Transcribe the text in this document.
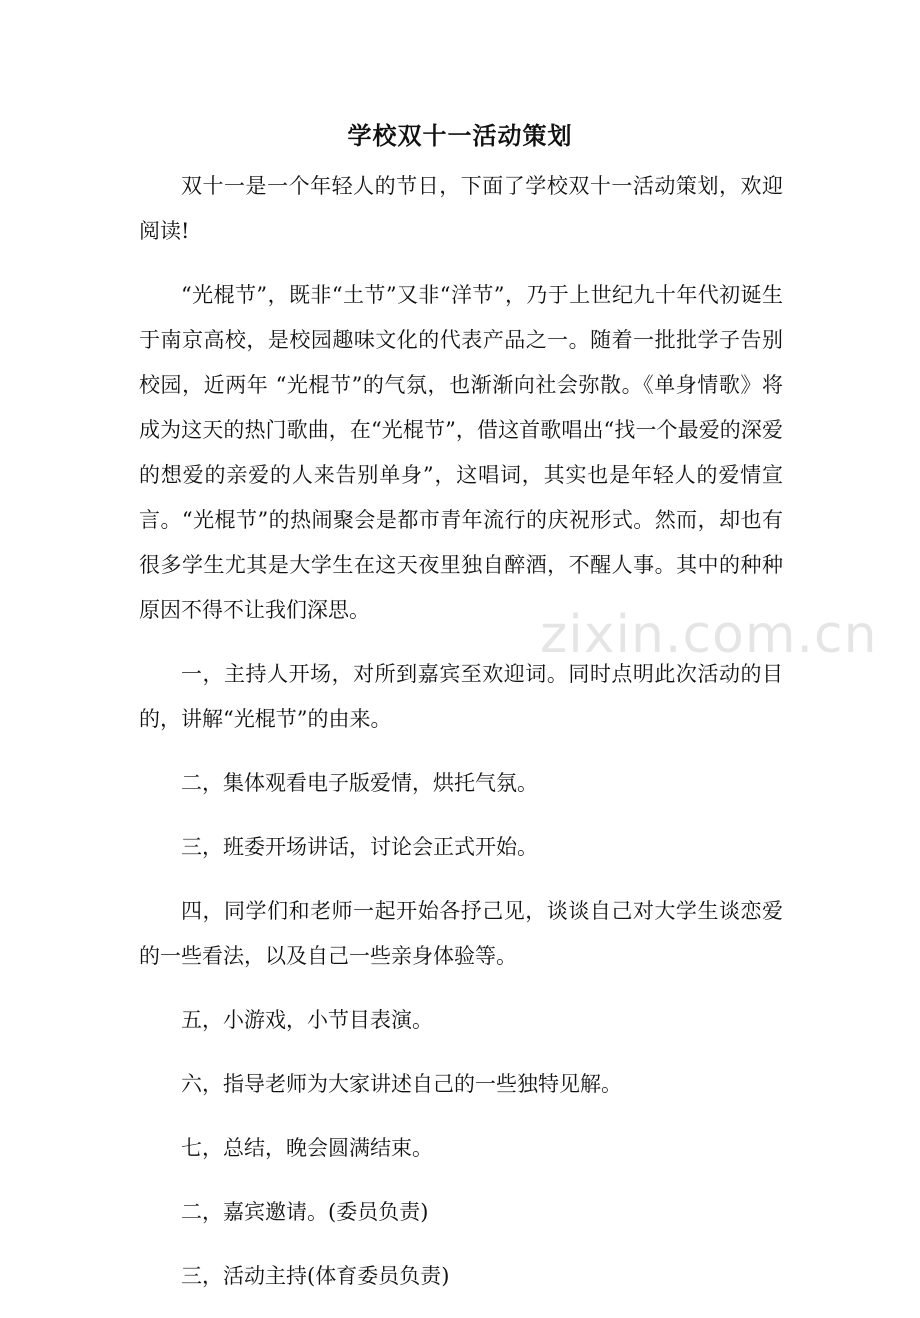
学校双十一活动策划

双十一是一个年轻人的节日，下面了学校双十一活动策划，欢迎阅读!

“光棍节”，既非“土节”又非“洋节”，乃于上世纪九十年代初诞生于南京高校，是校园趣味文化的代表产品之一。随着一批批学子告别校园，近两年 “光棍节”的气氛，也渐渐向社会弥散。《单身情歌》将成为这天的热门歌曲，在“光棍节”，借这首歌唱出“找一个最爱的深爱的想爱的亲爱的人来告别单身”，这唱词，其实也是年轻人的爱情宣言。“光棍节”的热闹聚会是都市青年流行的庆祝形式。然而，却也有很多学生尤其是大学生在这天夜里独自醉酒，不醒人事。其中的种种原因不得不让我们深思。

一，主持人开场，对所到嘉宾至欢迎词。同时点明此次活动的目的，讲解“光棍节”的由来。

二，集体观看电子版爱情，烘托气氛。

三，班委开场讲话，讨论会正式开始。

四，同学们和老师一起开始各抒己见，谈谈自己对大学生谈恋爱的一些看法，以及自己一些亲身体验等。

五，小游戏，小节目表演。

六，指导老师为大家讲述自己的一些独特见解。

七，总结，晚会圆满结束。

二，嘉宾邀请。(委员负责)

三，活动主持(体育委员负责)

zixin.com.cn
